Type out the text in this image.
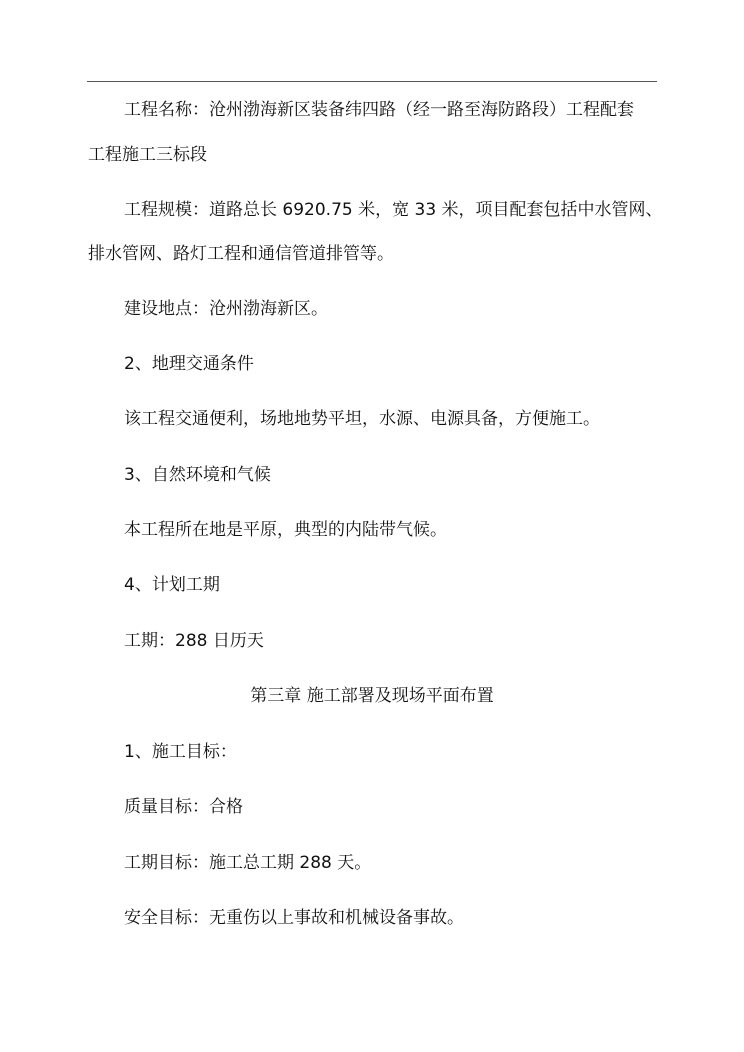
工程名称：沧州渤海新区装备纬四路（经一路至海防路段）工程配套
工程施工三标段
工程规模：道路总长 6920.75 米，宽 33 米，项目配套包括中水管网、
排水管网、路灯工程和通信管道排管等。
建设地点：沧州渤海新区。
2、地理交通条件
该工程交通便利，场地地势平坦，水源、电源具备，方便施工。
3、自然环境和气候
本工程所在地是平原，典型的内陆带气候。
4、计划工期
工期：288 日历天
第三章 施工部署及现场平面布置
1、施工目标：
质量目标：合格
工期目标：施工总工期 288 天。
安全目标：无重伤以上事故和机械设备事故。
